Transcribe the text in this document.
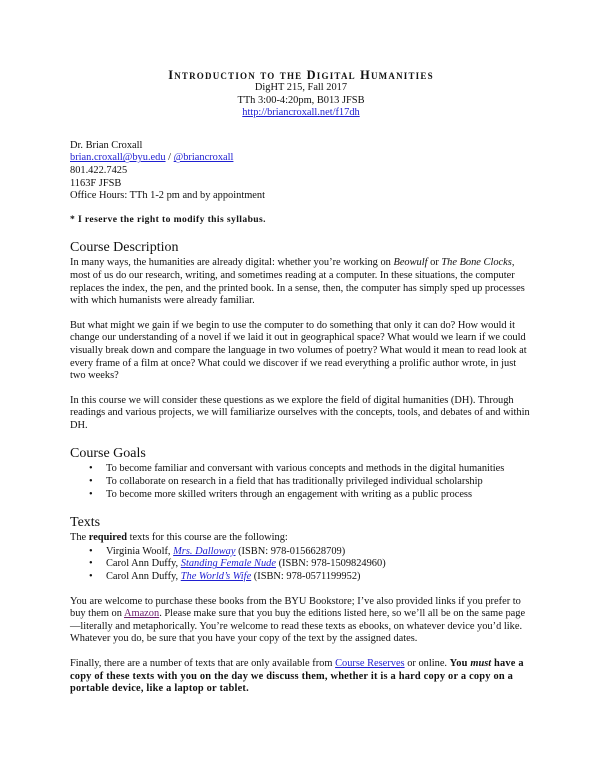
Introduction to the Digital Humanities
DigHT 215, Fall 2017
TTh 3:00-4:20pm, B013 JFSB
http://briancroxall.net/f17dh
Dr. Brian Croxall
brian.croxall@byu.edu / @briancroxall
801.422.7425
1163F JFSB
Office Hours: TTh 1-2 pm and by appointment
* I reserve the right to modify this syllabus.
Course Description

In many ways, the humanities are already digital: whether you’re working on Beowulf or The Bone Clocks, most of us do our research, writing, and sometimes reading at a computer. In these situations, the computer replaces the index, the pen, and the printed book. In a sense, then, the computer has simply sped up processes with which humanists were already familiar.

But what might we gain if we begin to use the computer to do something that only it can do? How would it change our understanding of a novel if we laid it out in geographical space? What would we learn if we could visually break down and compare the language in two volumes of poetry? What would it mean to read look at every frame of a film at once? What could we discover if we read everything a prolific author wrote, in just two weeks?

In this course we will consider these questions as we explore the field of digital humanities (DH). Through readings and various projects, we will familiarize ourselves with the concepts, tools, and debates of and within DH.

Course Goals
• To become familiar and conversant with various concepts and methods in the digital humanities
• To collaborate on research in a field that has traditionally privileged individual scholarship
• To become more skilled writers through an engagement with writing as a public process
Texts

The required texts for this course are the following:

• Virginia Woolf, Mrs. Dalloway (ISBN: 978-0156628709)
• Carol Ann Duffy, Standing Female Nude (ISBN: 978-1509824960)
• Carol Ann Duffy, The World’s Wife (ISBN: 978-0571199952)

You are welcome to purchase these books from the BYU Bookstore; I’ve also provided links if you prefer to buy them on Amazon. Please make sure that you buy the editions listed here, so we’ll all be on the same page—literally and metaphorically. You’re welcome to read these texts as ebooks, on whatever device you’d like. Whatever you do, be sure that you have your copy of the text by the assigned dates.

Finally, there are a number of texts that are only available from Course Reserves or online. You must have a copy of these texts with you on the day we discuss them, whether it is a hard copy or a copy on a portable device, like a laptop or tablet.
